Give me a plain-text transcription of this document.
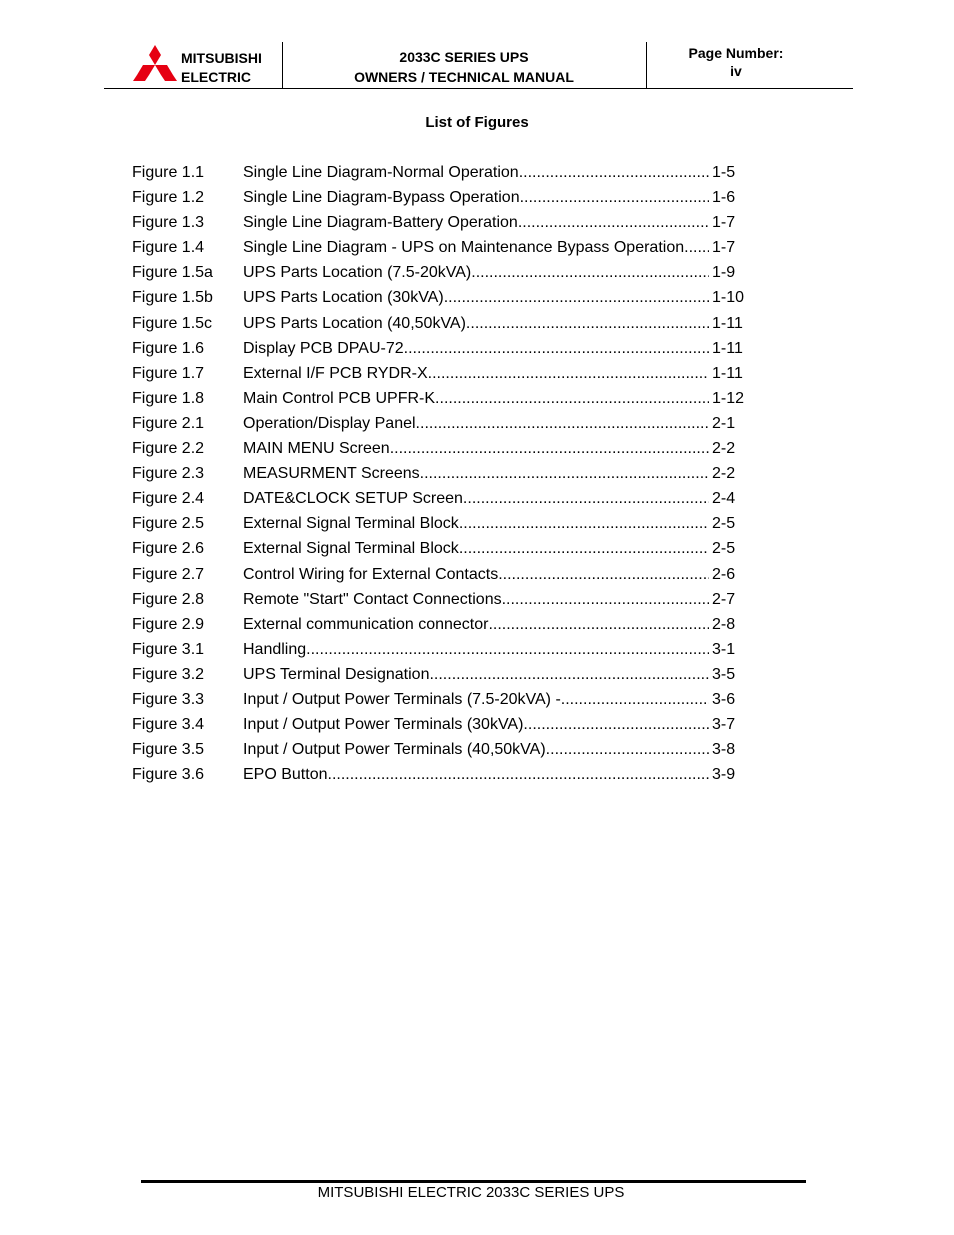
MITSUBISHI
ELECTRIC
2033C SERIES UPS
OWNERS / TECHNICAL MANUAL
Page Number:
iv
List of Figures
Figure 1.1 Single Line Diagram-Normal Operation .....	1-5
Figure 1.2 Single Line Diagram-Bypass Operation .....	1-6
Figure 1.3 Single Line Diagram-Battery Operation .....	1-7
Figure 1.4 Single Line Diagram - UPS on Maintenance Bypass Operation. ..... 1-7
Figure 1.5a UPS Parts Location (7.5-20kVA) .....	1-9
Figure 1.5b UPS Parts Location (30kVA) .....	1-10
Figure 1.5c UPS Parts Location (40,50kVA) .....	1-11
Figure 1.6 Display PCB DPAU-72 .....	1-11
Figure 1.7 External I/F PCB RYDR-X .....	1-11
Figure 1.8 Main Control PCB UPFR-K .....	1-12
Figure 2.1 Operation/Display Panel .....	2-1
Figure 2.2 MAIN MENU Screen .....	2-2
Figure 2.3 MEASURMENT Screens .....	2-2
Figure 2.4 DATE&CLOCK SETUP Screen .....	2-4
Figure 2.5 External Signal Terminal Block .....	2-5
Figure 2.6 External Signal Terminal Block .....	2-5
Figure 2.7 Control Wiring for External Contacts .....	2-6
Figure 2.8 Remote "Start" Contact Connections .....	2-7
Figure 2.9 External communication connector .....	2-8
Figure 3.1 Handling .....	3-1
Figure 3.2 UPS Terminal Designation .....	3-5
Figure 3.3 Input / Output Power Terminals (7.5-20kVA) - .....	3-6
Figure 3.4 Input / Output Power Terminals (30kVA) .....	3-7
Figure 3.5 Input / Output Power Terminals (40,50kVA) .....	3-8
Figure 3.6 EPO Button .....	3-9
MITSUBISHI ELECTRIC 2033C SERIES UPS
